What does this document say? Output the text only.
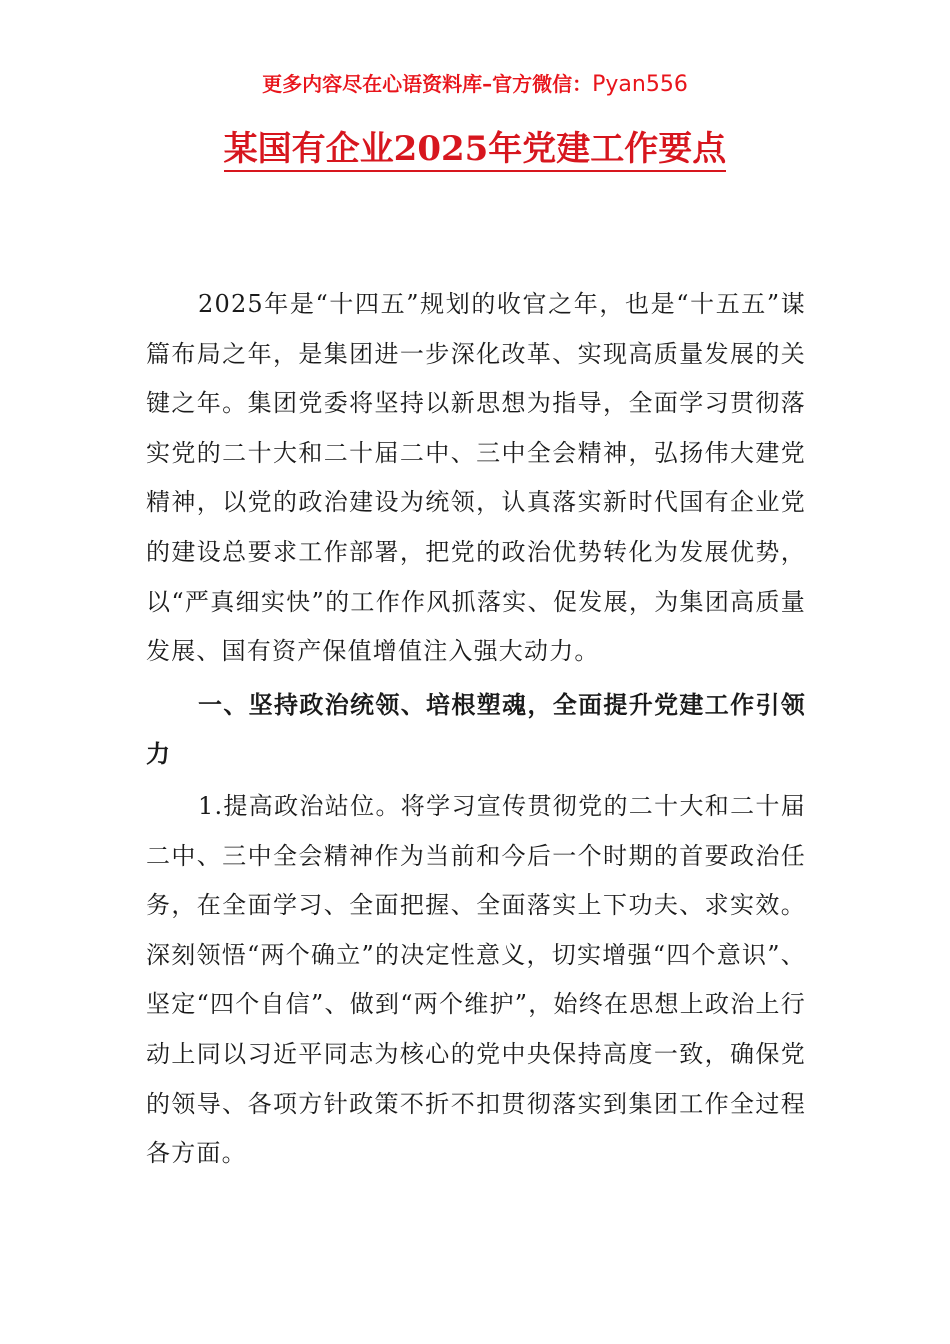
更多内容尽在心语资料库–官方微信：Pyan556
某国有企业2025年党建工作要点

2025年是“十四五”规划的收官之年，也是“十五五”谋篇布局之年，是集团进一步深化改革、实现高质量发展的关键之年。集团党委将坚持以新思想为指导，全面学习贯彻落实党的二十大和二十届二中、三中全会精神，弘扬伟大建党精神，以党的政治建设为统领，认真落实新时代国有企业党的建设总要求工作部署，把党的政治优势转化为发展优势，以“严真细实快”的工作作风抓落实、促发展，为集团高质量发展、国有资产保值增值注入强大动力。

一、坚持政治统领、培根塑魂，全面提升党建工作引领力

1.提高政治站位。将学习宣传贯彻党的二十大和二十届二中、三中全会精神作为当前和今后一个时期的首要政治任务，在全面学习、全面把握、全面落实上下功夫、求实效。深刻领悟“两个确立”的决定性意义，切实增强“四个意识”、坚定“四个自信”、做到“两个维护”，始终在思想上政治上行动上同以习近平同志为核心的党中央保持高度一致，确保党的领导、各项方针政策不折不扣贯彻落实到集团工作全过程各方面。
